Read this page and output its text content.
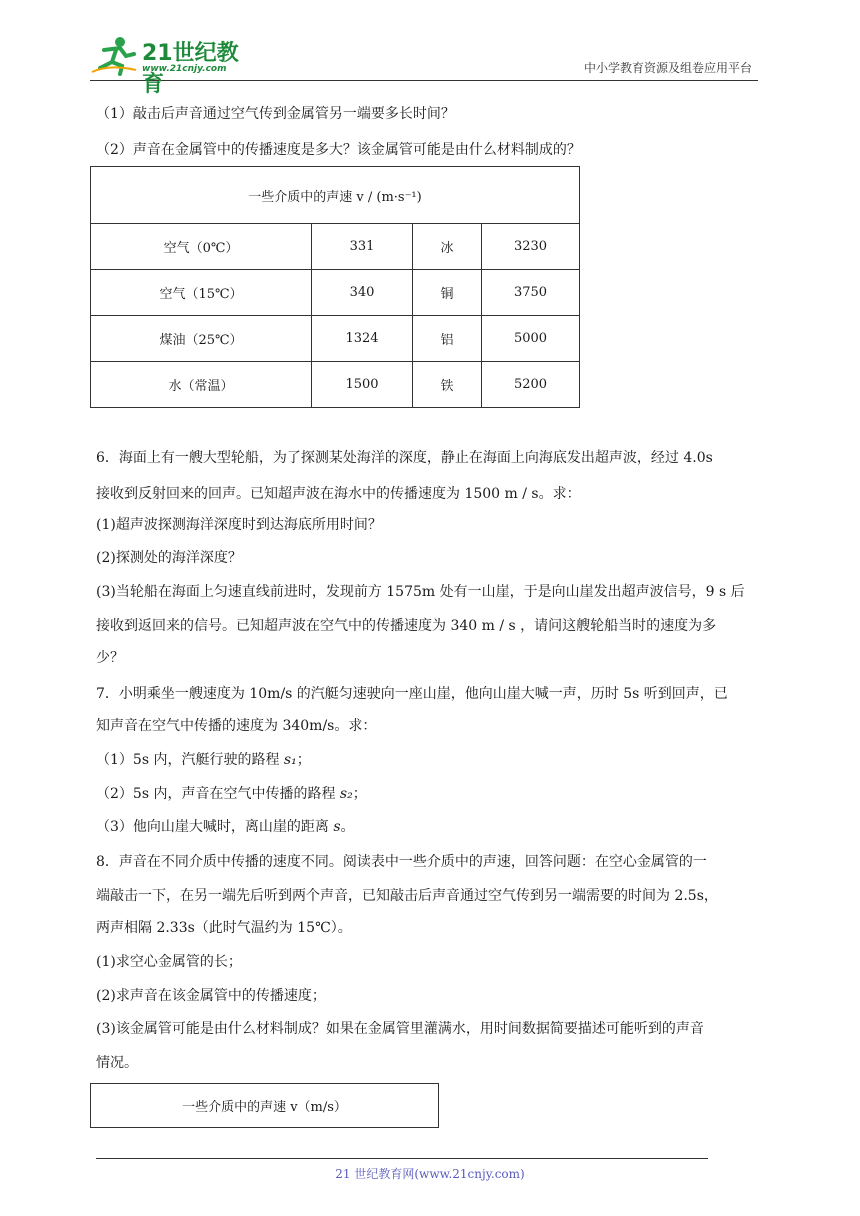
21世纪教育
www.21cnjy.com	中小学教育资源及组卷应用平台
（1）敲击后声音通过空气传到金属管另一端要多长时间？
（2）声音在金属管中的传播速度是多大？该金属管可能是由什么材料制成的？
一些介质中的声速 v / (m·s⁻¹)			
空气（0℃）	331	冰	3230
空气（15℃）	340	铜	3750
煤油（25℃）	1324	铝	5000
水（常温）	1500	铁	5200
6．海面上有一艘大型轮船，为了探测某处海洋的深度，静止在海面上向海底发出超声波，经过 4.0s
接收到反射回来的回声。已知超声波在海水中的传播速度为 1500 m / s。求：
(1)超声波探测海洋深度时到达海底所用时间？
(2)探测处的海洋深度？
(3)当轮船在海面上匀速直线前进时，发现前方 1575m 处有一山崖，于是向山崖发出超声波信号，9 s 后
接收到返回来的信号。已知超声波在空气中的传播速度为 340 m / s ，请问这艘轮船当时的速度为多
少？
7．小明乘坐一艘速度为 10m/s 的汽艇匀速驶向一座山崖，他向山崖大喊一声，历时 5s 听到回声，已
知声音在空气中传播的速度为 340m/s。求：
（1）5s 内，汽艇行驶的路程 s₁；
（2）5s 内，声音在空气中传播的路程 s₂；
（3）他向山崖大喊时，离山崖的距离 s。
8．声音在不同介质中传播的速度不同。阅读表中一些介质中的声速，回答问题：在空心金属管的一
端敲击一下，在另一端先后听到两个声音，已知敲击后声音通过空气传到另一端需要的时间为 2.5s，
两声相隔 2.33s（此时气温约为 15℃）。
(1)求空心金属管的长；
(2)求声音在该金属管中的传播速度；
(3)该金属管可能是由什么材料制成？如果在金属管里灌满水，用时间数据简要描述可能听到的声音
情况。
一些介质中的声速 v（m/s）
21 世纪教育网(www.21cnjy.com)
